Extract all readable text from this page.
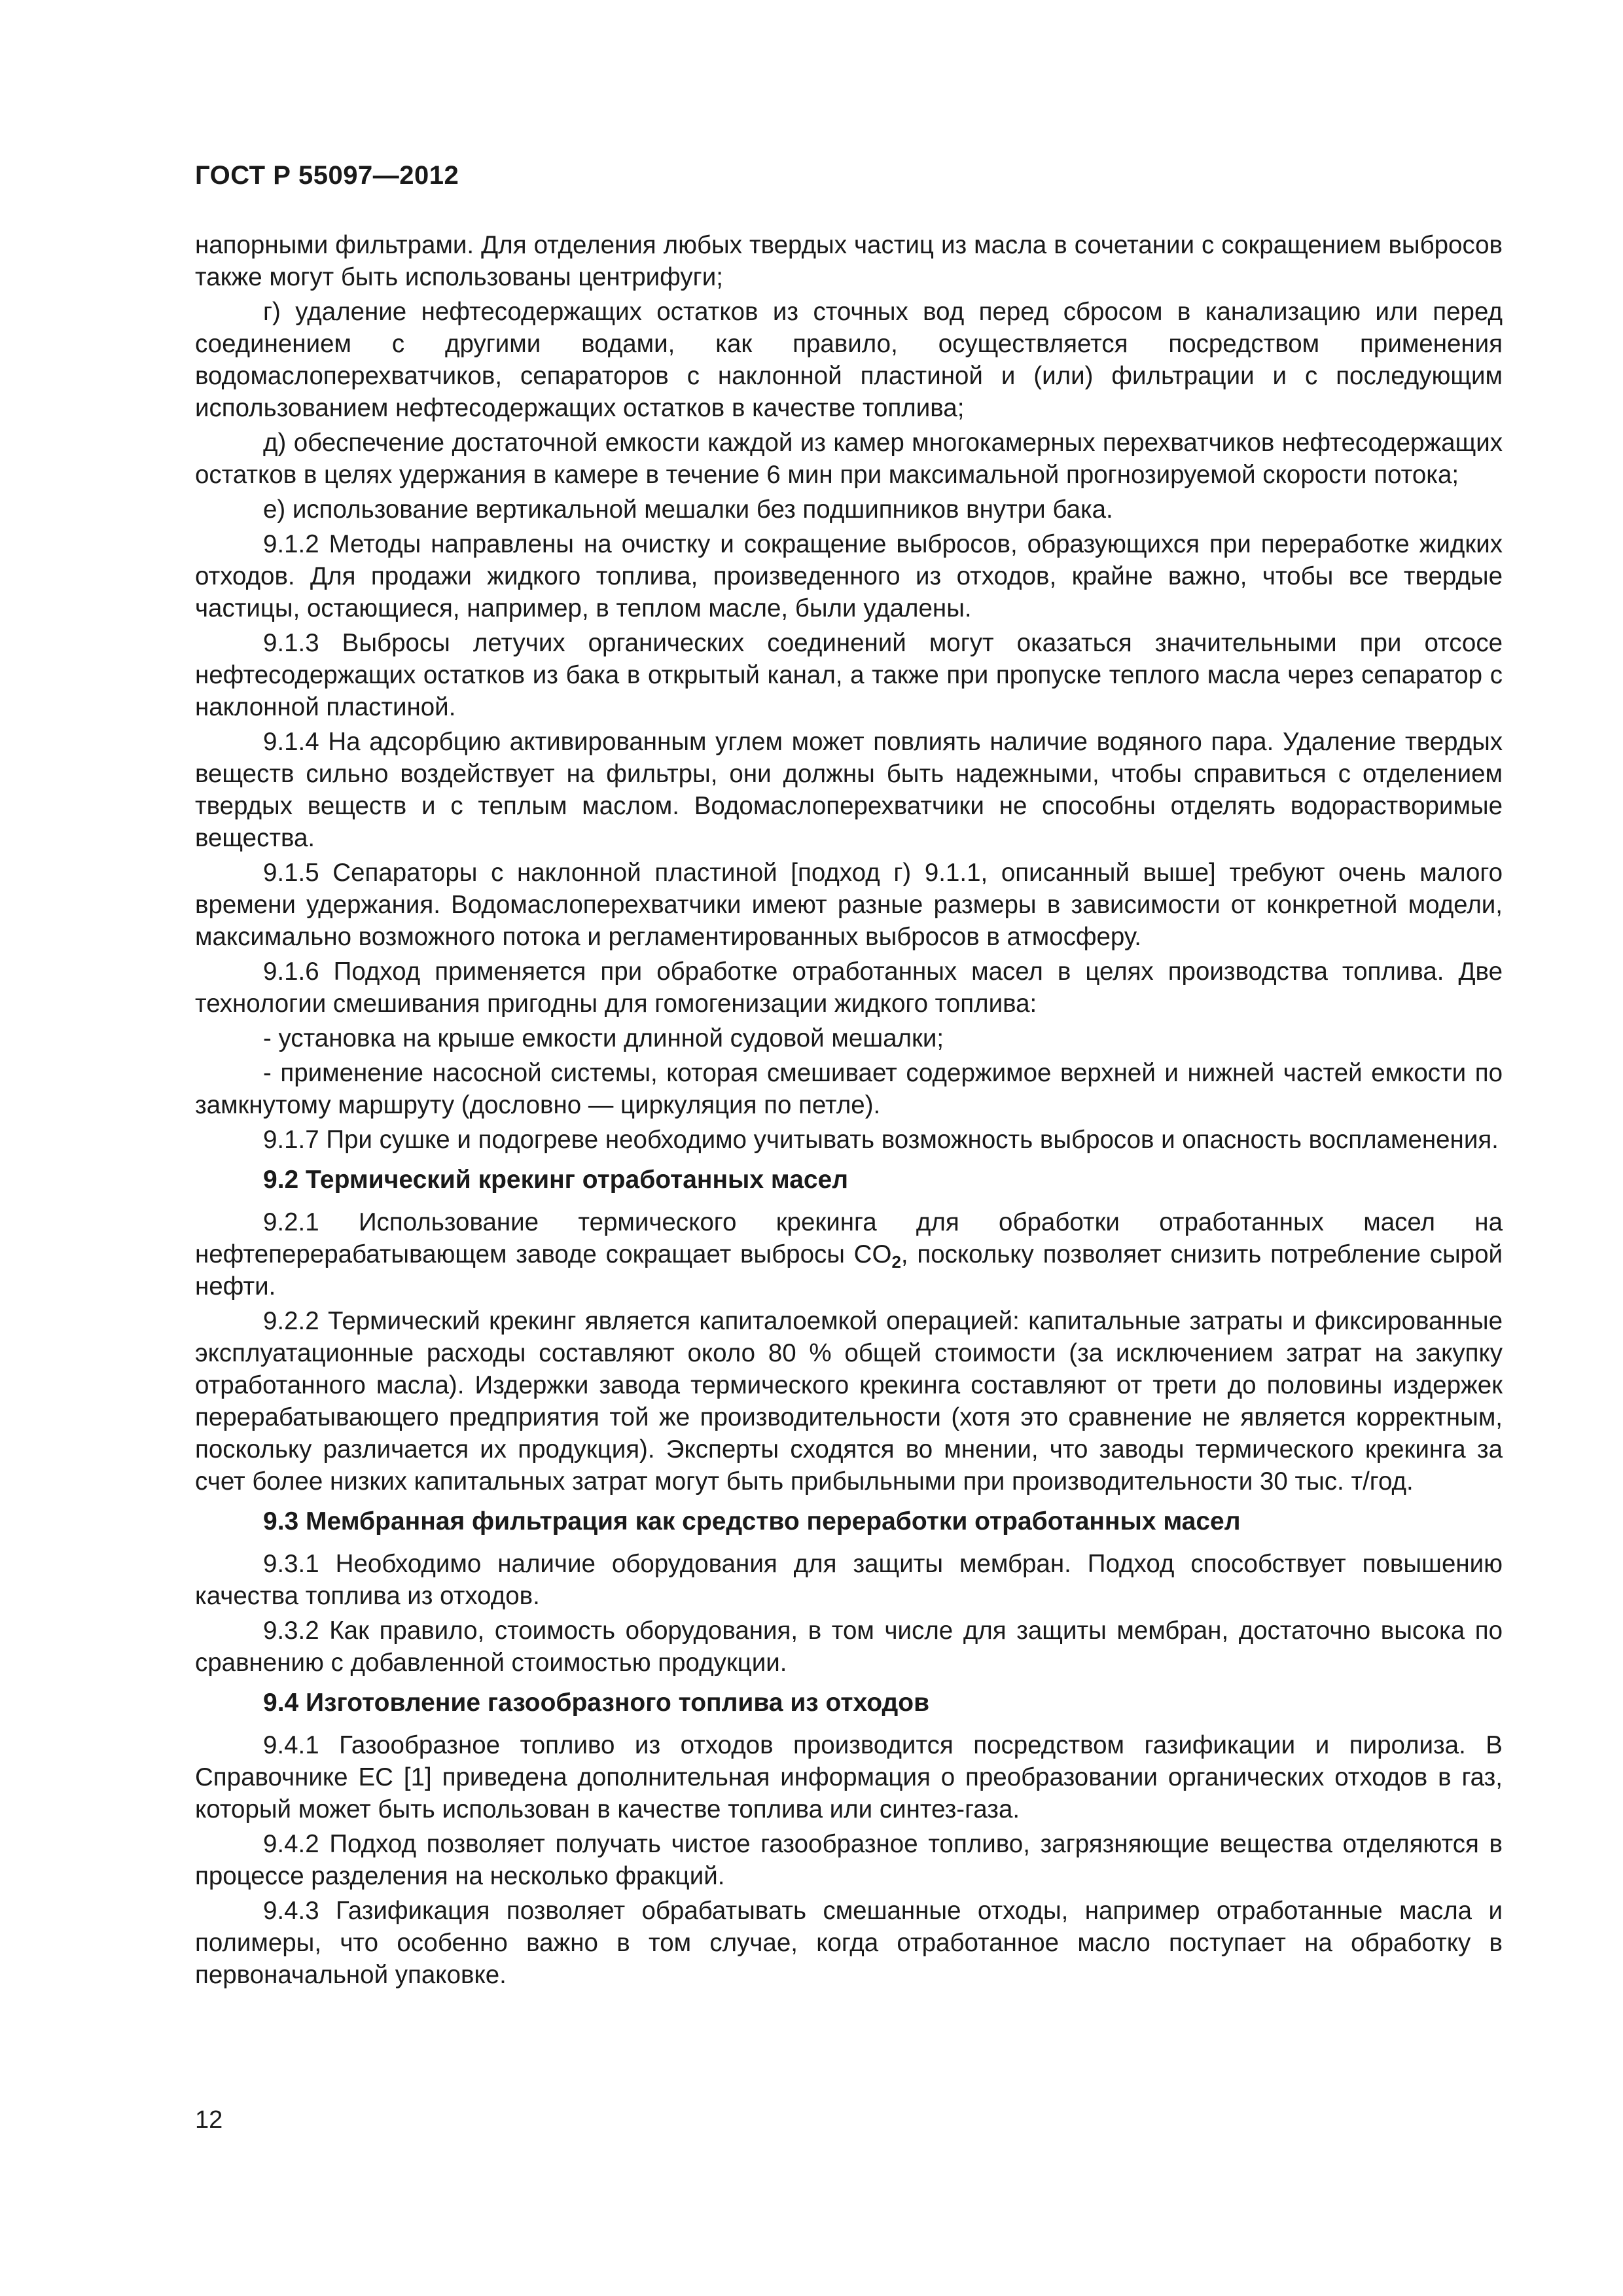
ГОСТ Р 55097—2012

напорными фильтрами. Для отделения любых твердых частиц из масла в сочетании с сокращением выбросов также могут быть использованы центрифуги;

г) удаление нефтесодержащих остатков из сточных вод перед сбросом в канализацию или перед соединением с другими водами, как правило, осуществляется посредством применения водомаслоперехватчиков, сепараторов с наклонной пластиной и (или) фильтрации и с последующим использованием нефтесодержащих остатков в качестве топлива;

д) обеспечение достаточной емкости каждой из камер многокамерных перехватчиков нефтесодержащих остатков в целях удержания в камере в течение 6 мин при максимальной прогнозируемой скорости потока;

е) использование вертикальной мешалки без подшипников внутри бака.

9.1.2 Методы направлены на очистку и сокращение выбросов, образующихся при переработке жидких отходов. Для продажи жидкого топлива, произведенного из отходов, крайне важно, чтобы все твердые частицы, остающиеся, например, в теплом масле, были удалены.

9.1.3 Выбросы летучих органических соединений могут оказаться значительными при отсосе нефтесодержащих остатков из бака в открытый канал, а также при пропуске теплого масла через сепаратор с наклонной пластиной.

9.1.4 На адсорбцию активированным углем может повлиять наличие водяного пара. Удаление твердых веществ сильно воздействует на фильтры, они должны быть надежными, чтобы справиться с отделением твердых веществ и с теплым маслом. Водомаслоперехватчики не способны отделять водорастворимые вещества.

9.1.5 Сепараторы с наклонной пластиной [подход г) 9.1.1, описанный выше] требуют очень малого времени удержания. Водомаслоперехватчики имеют разные размеры в зависимости от конкретной модели, максимально возможного потока и регламентированных выбросов в атмосферу.

9.1.6 Подход применяется при обработке отработанных масел в целях производства топлива. Две технологии смешивания пригодны для гомогенизации жидкого топлива:

- установка на крыше емкости длинной судовой мешалки;

- применение насосной системы, которая смешивает содержимое верхней и нижней частей емкости по замкнутому маршруту (дословно — циркуляция по петле).

9.1.7 При сушке и подогреве необходимо учитывать возможность выбросов и опасность воспламенения.

9.2 Термический крекинг отработанных масел

9.2.1 Использование термического крекинга для обработки отработанных масел на нефтеперерабатывающем заводе сокращает выбросы $CO_2$, поскольку позволяет снизить потребление сырой нефти.

9.2.2 Термический крекинг является капиталоемкой операцией: капитальные затраты и фиксированные эксплуатационные расходы составляют около 80 % общей стоимости (за исключением затрат на закупку отработанного масла). Издержки завода термического крекинга составляют от трети до половины издержек перерабатывающего предприятия той же производительности (хотя это сравнение не является корректным, поскольку различается их продукция). Эксперты сходятся во мнении, что заводы термического крекинга за счет более низких капитальных затрат могут быть прибыльными при производительности 30 тыс. т/год.

9.3 Мембранная фильтрация как средство переработки отработанных масел

9.3.1 Необходимо наличие оборудования для защиты мембран. Подход способствует повышению качества топлива из отходов.

9.3.2 Как правило, стоимость оборудования, в том числе для защиты мембран, достаточно высока по сравнению с добавленной стоимостью продукции.

9.4 Изготовление газообразного топлива из отходов

9.4.1 Газообразное топливо из отходов производится посредством газификации и пиролиза. В Справочнике ЕС [1] приведена дополнительная информация о преобразовании органических отходов в газ, который может быть использован в качестве топлива или синтез-газа.

9.4.2 Подход позволяет получать чистое газообразное топливо, загрязняющие вещества отделяются в процессе разделения на несколько фракций.

9.4.3 Газификация позволяет обрабатывать смешанные отходы, например отработанные масла и полимеры, что особенно важно в том случае, когда отработанное масло поступает на обработку в первоначальной упаковке.

12
